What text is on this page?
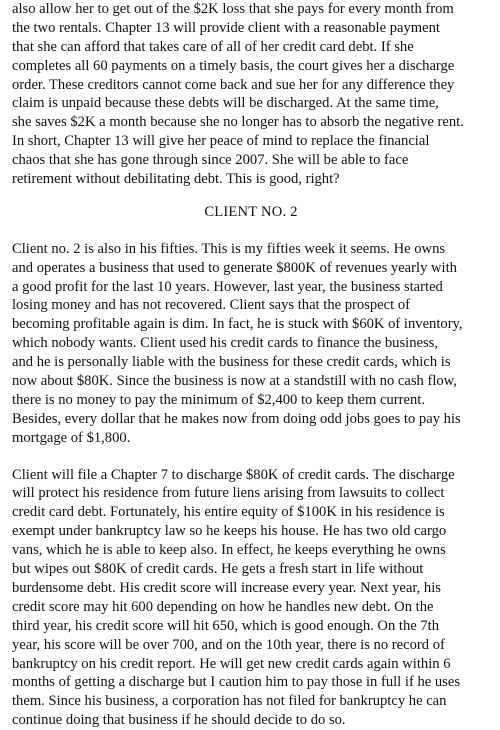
also allow her to get out of the $2K loss that she pays for every month from
the two rentals. Chapter 13 will provide client with a reasonable payment
that she can afford that takes care of all of her credit card debt. If she
completes all 60 payments on a timely basis, the court gives her a discharge
order. These creditors cannot come back and sue her for any difference they
claim is unpaid because these debts will be discharged. At the same time,
she saves $2K a month because she no longer has to absorb the negative rent.
In short, Chapter 13 will give her peace of mind to replace the financial
chaos that she has gone through since 2007. She will be able to face
retirement without debilitating debt. This is good, right?
CLIENT NO. 2
Client no. 2 is also in his fifties. This is my fifties week it seems. He owns
and operates a business that used to generate $800K of revenues yearly with
a good profit for the last 10 years. However, last year, the business started
losing money and has not recovered. Client says that the prospect of
becoming profitable again is dim. In fact, he is stuck with $60K of inventory,
which nobody wants. Client used his credit cards to finance the business,
and he is personally liable with the business for these credit cards, which is
now about $80K. Since the business is now at a standstill with no cash flow,
there is no money to pay the minimum of $2,400 to keep them current.
Besides, every dollar that he makes now from doing odd jobs goes to pay his
mortgage of $1,800.
Client will file a Chapter 7 to discharge $80K of credit cards. The discharge
will protect his residence from future liens arising from lawsuits to collect
credit card debt. Fortunately, his entire equity of $100K in his residence is
exempt under bankruptcy law so he keeps his house. He has two old cargo
vans, which he is able to keep also. In effect, he keeps everything he owns
but wipes out $80K of credit cards. He gets a fresh start in life without
burdensome debt. His credit score will increase every year. Next year, his
credit score may hit 600 depending on how he handles new debt. On the
third year, his credit score will hit 650, which is good enough. On the 7th
year, his score will be over 700, and on the 10th year, there is no record of
bankruptcy on his credit report. He will get new credit cards again within 6
months of getting a discharge but I caution him to pay those in full if he uses
them. Since his business, a corporation has not filed for bankruptcy he can
continue doing that business if he should decide to do so.
